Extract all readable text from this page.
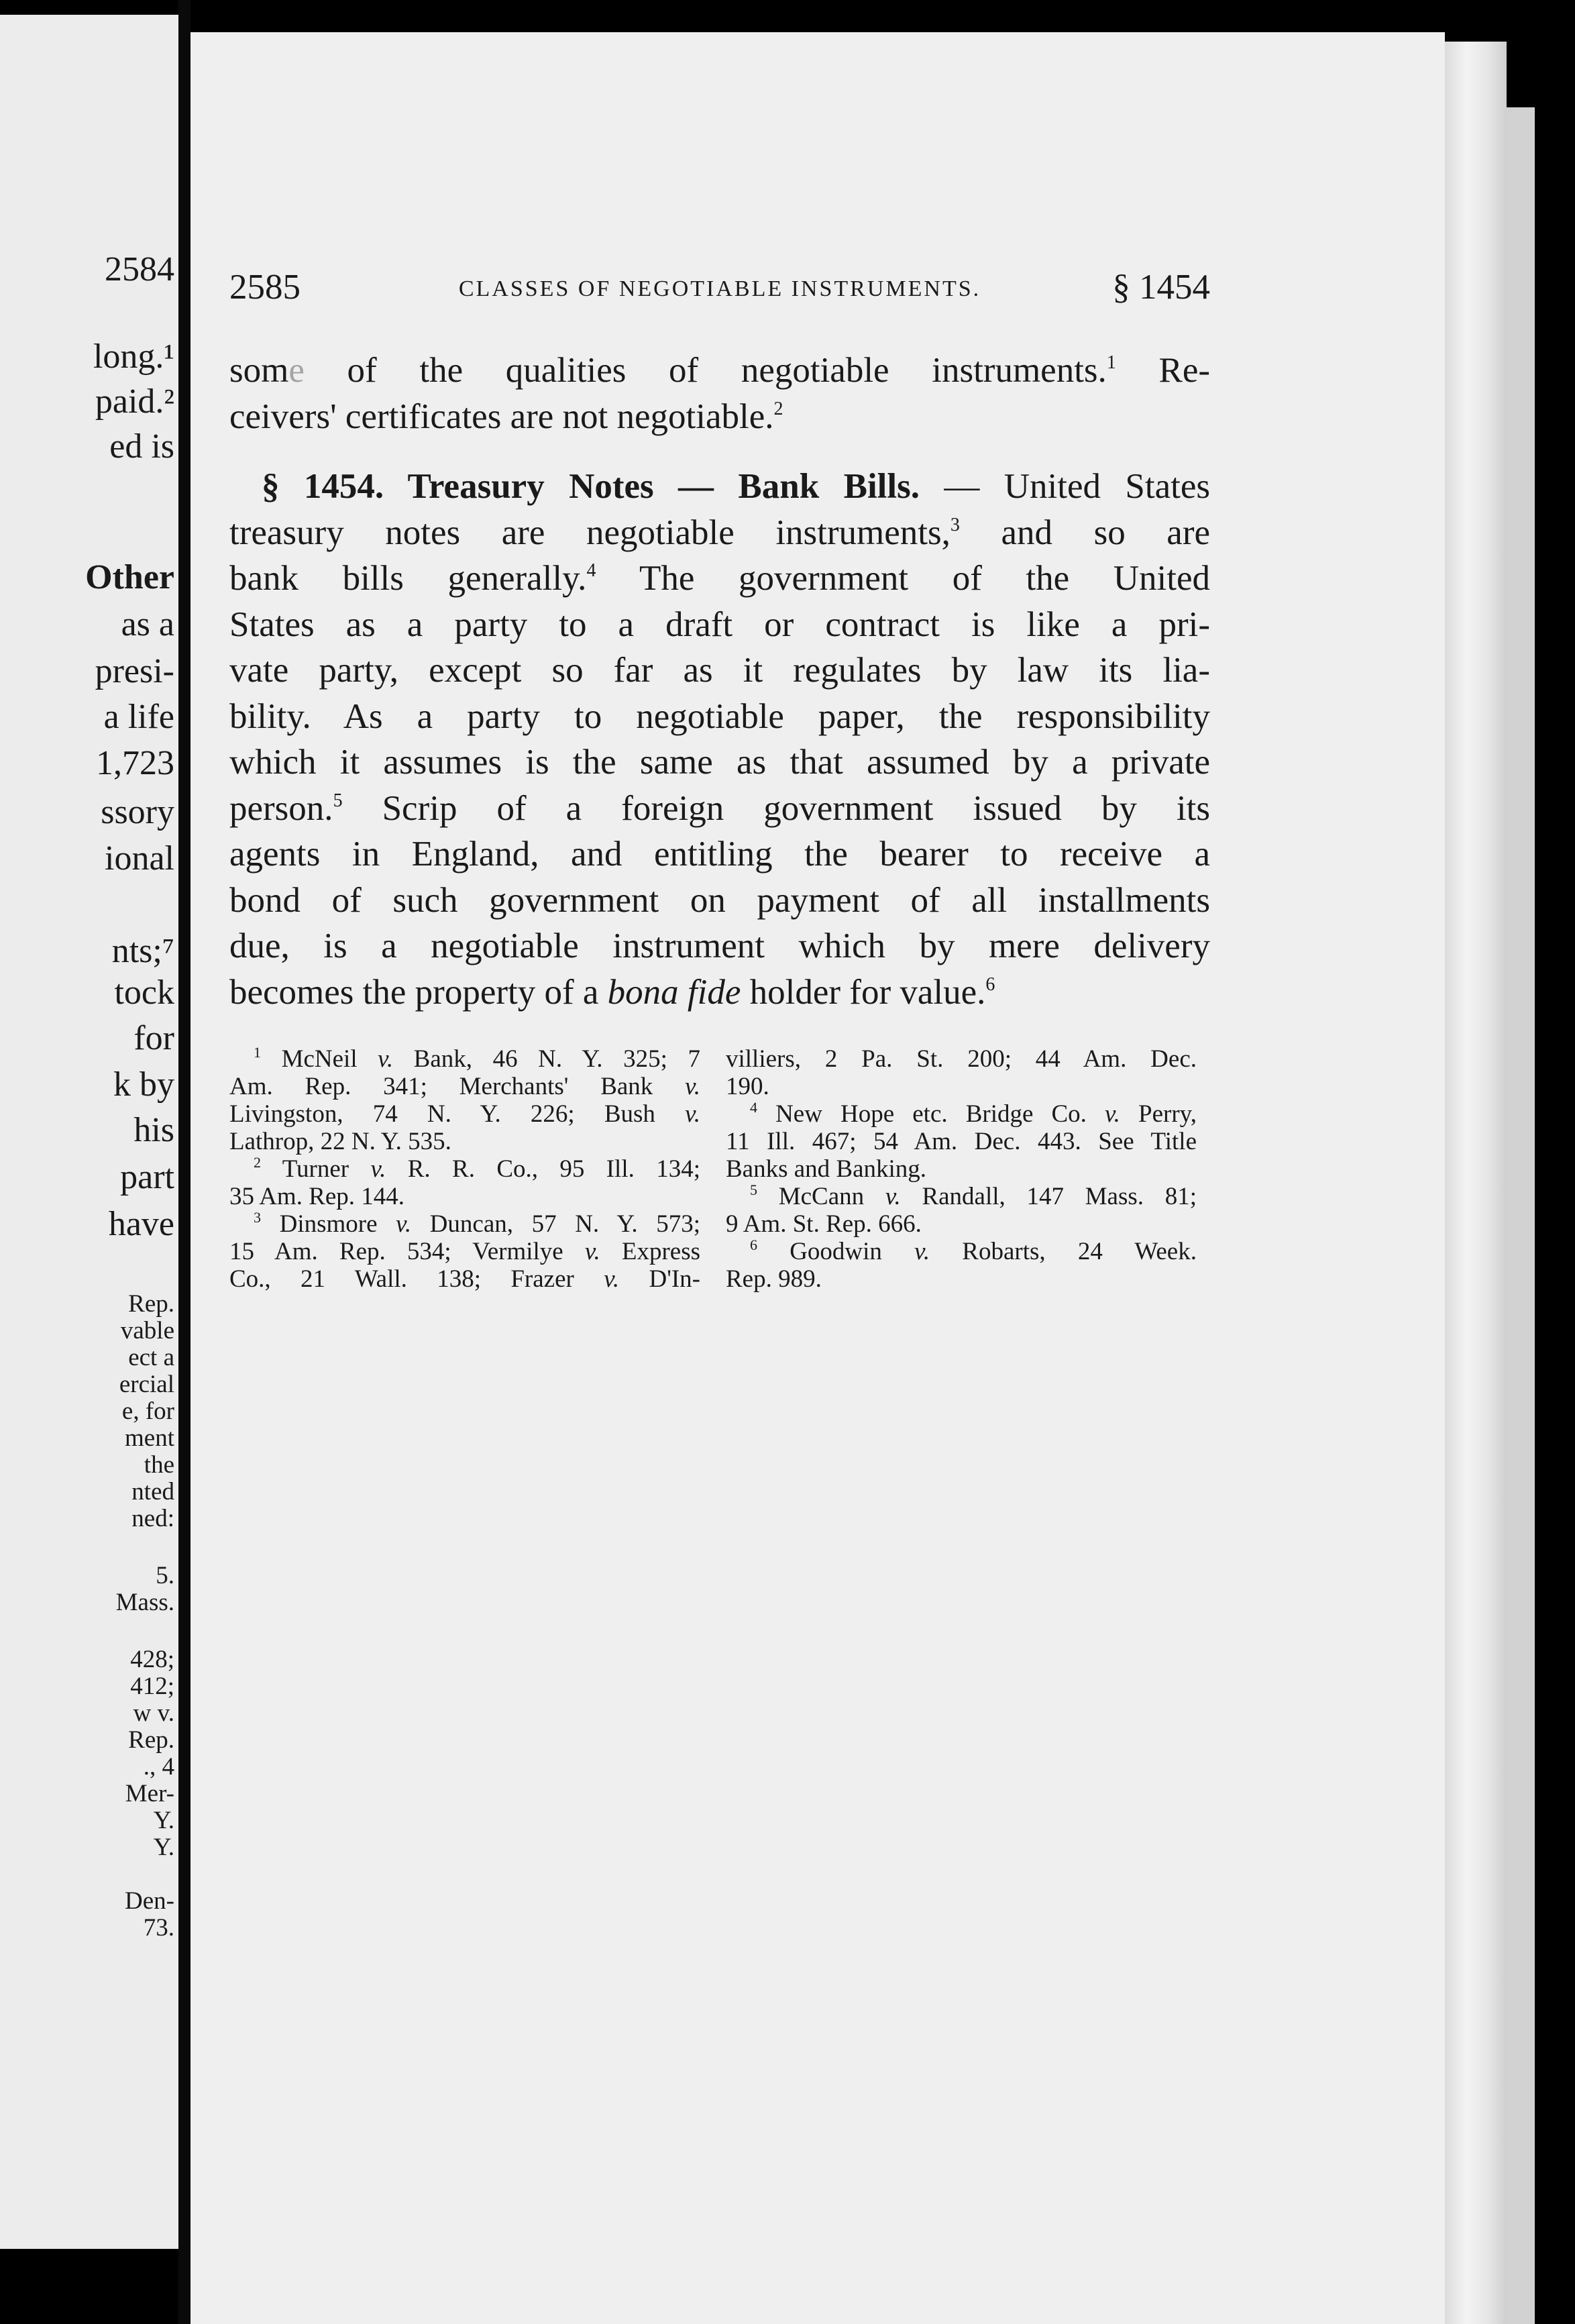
2584
long.¹
paid.²
ed is
Other
as a
presi-
a life
1,723
ssory
ional
nts;⁷
tock
for
k by
his
part
have
Rep.
vable
ect a
ercial
e, for
ment
the
nted
ned:
5.
Mass.
428;
412;
w v.
Rep.
., 4
Mer-
Y.
Y.
Den-
73.
2585	CLASSES OF NEGOTIABLE INSTRUMENTS.	§ 1454
some of the qualities of negotiable instruments.$^1$ Re-
ceivers' certificates are not negotiable.$^2$
§ 1454. Treasury Notes — Bank Bills. — United States
treasury notes are negotiable instruments,$^3$ and so are
bank bills generally.$^4$ The government of the United
States as a party to a draft or contract is like a pri-
vate party, except so far as it regulates by law its lia-
bility. As a party to negotiable paper, the responsibility
which it assumes is the same as that assumed by a private
person.$^5$ Scrip of a foreign government issued by its
agents in England, and entitling the bearer to receive a
bond of such government on payment of all installments
due, is a negotiable instrument which by mere delivery
becomes the property of a bona fide holder for value.$^6$
$^1$ McNeil v. Bank, 46 N. Y. 325; 7
Am. Rep. 341; Merchants' Bank v.
Livingston, 74 N. Y. 226; Bush v.
Lathrop, 22 N. Y. 535.
$^2$ Turner v. R. R. Co., 95 Ill. 134;
35 Am. Rep. 144.
$^3$ Dinsmore v. Duncan, 57 N. Y. 573;
15 Am. Rep. 534; Vermilye v. Express
Co., 21 Wall. 138; Frazer v. D'In-
villiers, 2 Pa. St. 200; 44 Am. Dec.
190.
$^4$ New Hope etc. Bridge Co. v. Perry,
11 Ill. 467; 54 Am. Dec. 443. See Title
Banks and Banking.
$^5$ McCann v. Randall, 147 Mass. 81;
9 Am. St. Rep. 666.
$^6$ Goodwin v. Robarts, 24 Week.
Rep. 989.
